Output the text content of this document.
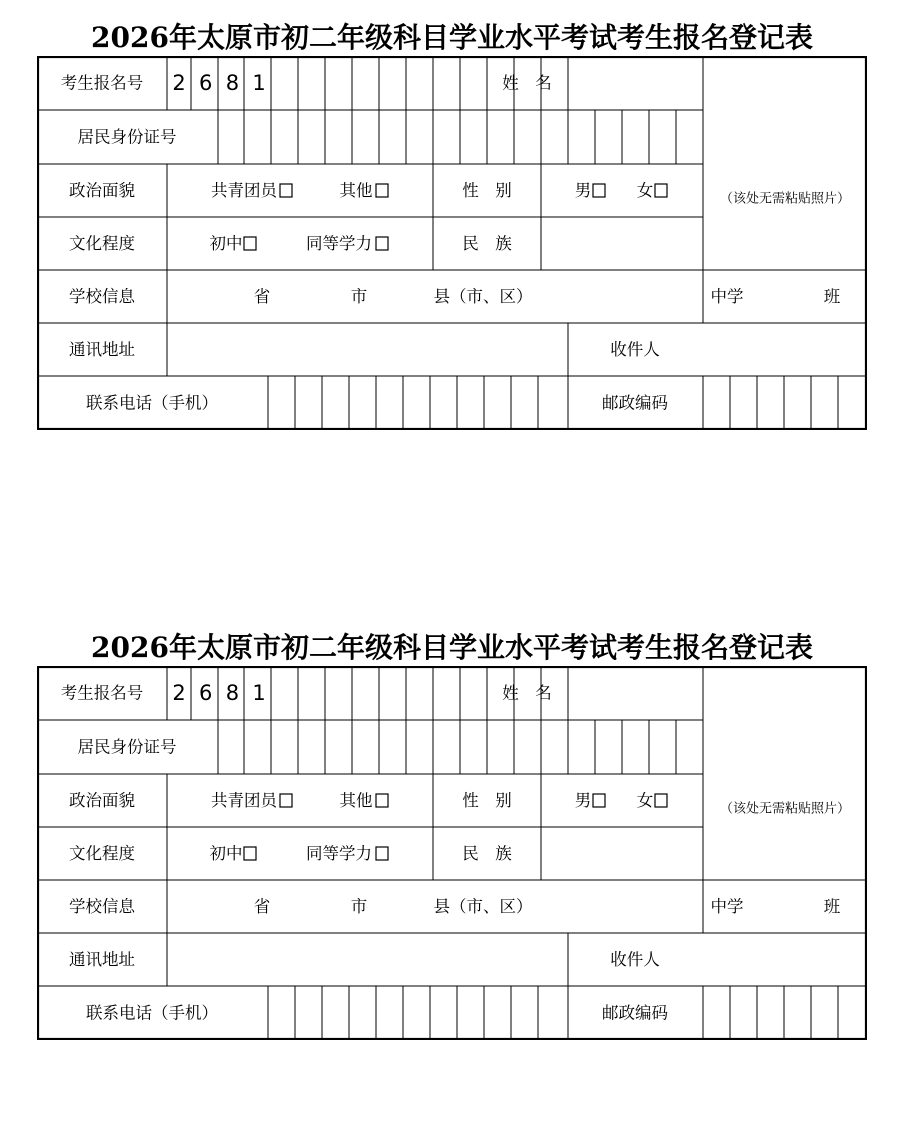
2026年太原市初二年级科目学业水平考试考生报名登记表
考生报名号 2 6 8 1	姓　名
居民身份证号
（该处无需粘贴照片）
政治面貌	共青团员	其他	性　别	男	女
文化程度	初中	同等学力	民　族
学校信息	省	市	县（市、区）	中学	班
通讯地址	收件人
联系电话（手机）	邮政编码
2026年太原市初二年级科目学业水平考试考生报名登记表
考生报名号 2 6 8 1	姓　名
居民身份证号
（该处无需粘贴照片）
政治面貌	共青团员	其他	性　别	男	女
文化程度	初中	同等学力	民　族
学校信息	省	市	县（市、区）	中学	班
通讯地址	收件人
联系电话（手机）	邮政编码
